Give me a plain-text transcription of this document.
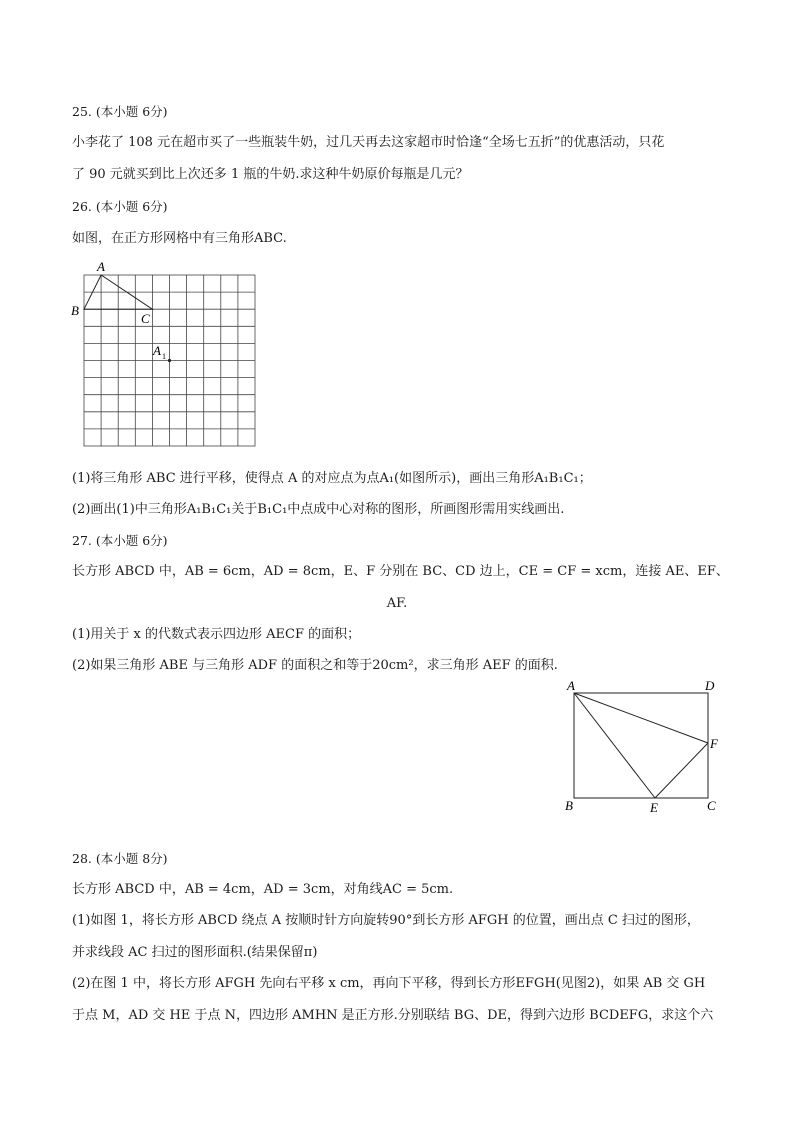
25. (本小题 6分)
小李花了 108 元在超市买了一些瓶装牛奶，过几天再去这家超市时恰逢“全场七五折”的优惠活动，只花
了 90 元就买到比上次还多 1 瓶的牛奶.求这种牛奶原价每瓶是几元？
26. (本小题 6分)
如图，在正方形网格中有三角形ABC.
A
B
C
A 1
(1)将三角形 ABC 进行平移，使得点 A 的对应点为点A₁(如图所示)，画出三角形A₁B₁C₁；
(2)画出(1)中三角形A₁B₁C₁关于B₁C₁中点成中心对称的图形，所画图形需用实线画出.
27. (本小题 6分)
长方形 ABCD 中，AB = 6cm，AD = 8cm，E、F 分别在 BC、CD 边上，CE = CF = xcm，连接 AE、EF、
AF.
(1)用关于 x 的代数式表示四边形 AECF 的面积；
(2)如果三角形 ABE 与三角形 ADF 的面积之和等于20cm²，求三角形 AEF 的面积.
A	D
F
B	E	C
28. (本小题 8分)
长方形 ABCD 中，AB = 4cm，AD = 3cm，对角线AC = 5cm.
(1)如图 1，将长方形 ABCD 绕点 A 按顺时针方向旋转90°到长方形 AFGH 的位置，画出点 C 扫过的图形，
并求线段 AC 扫过的图形面积.(结果保留π)
(2)在图 1 中，将长方形 AFGH 先向右平移 x cm，再向下平移，得到长方形EFGH(见图2)，如果 AB 交 GH
于点 M，AD 交 HE 于点 N，四边形 AMHN 是正方形.分别联结 BG、DE，得到六边形 BCDEFG，求这个六
